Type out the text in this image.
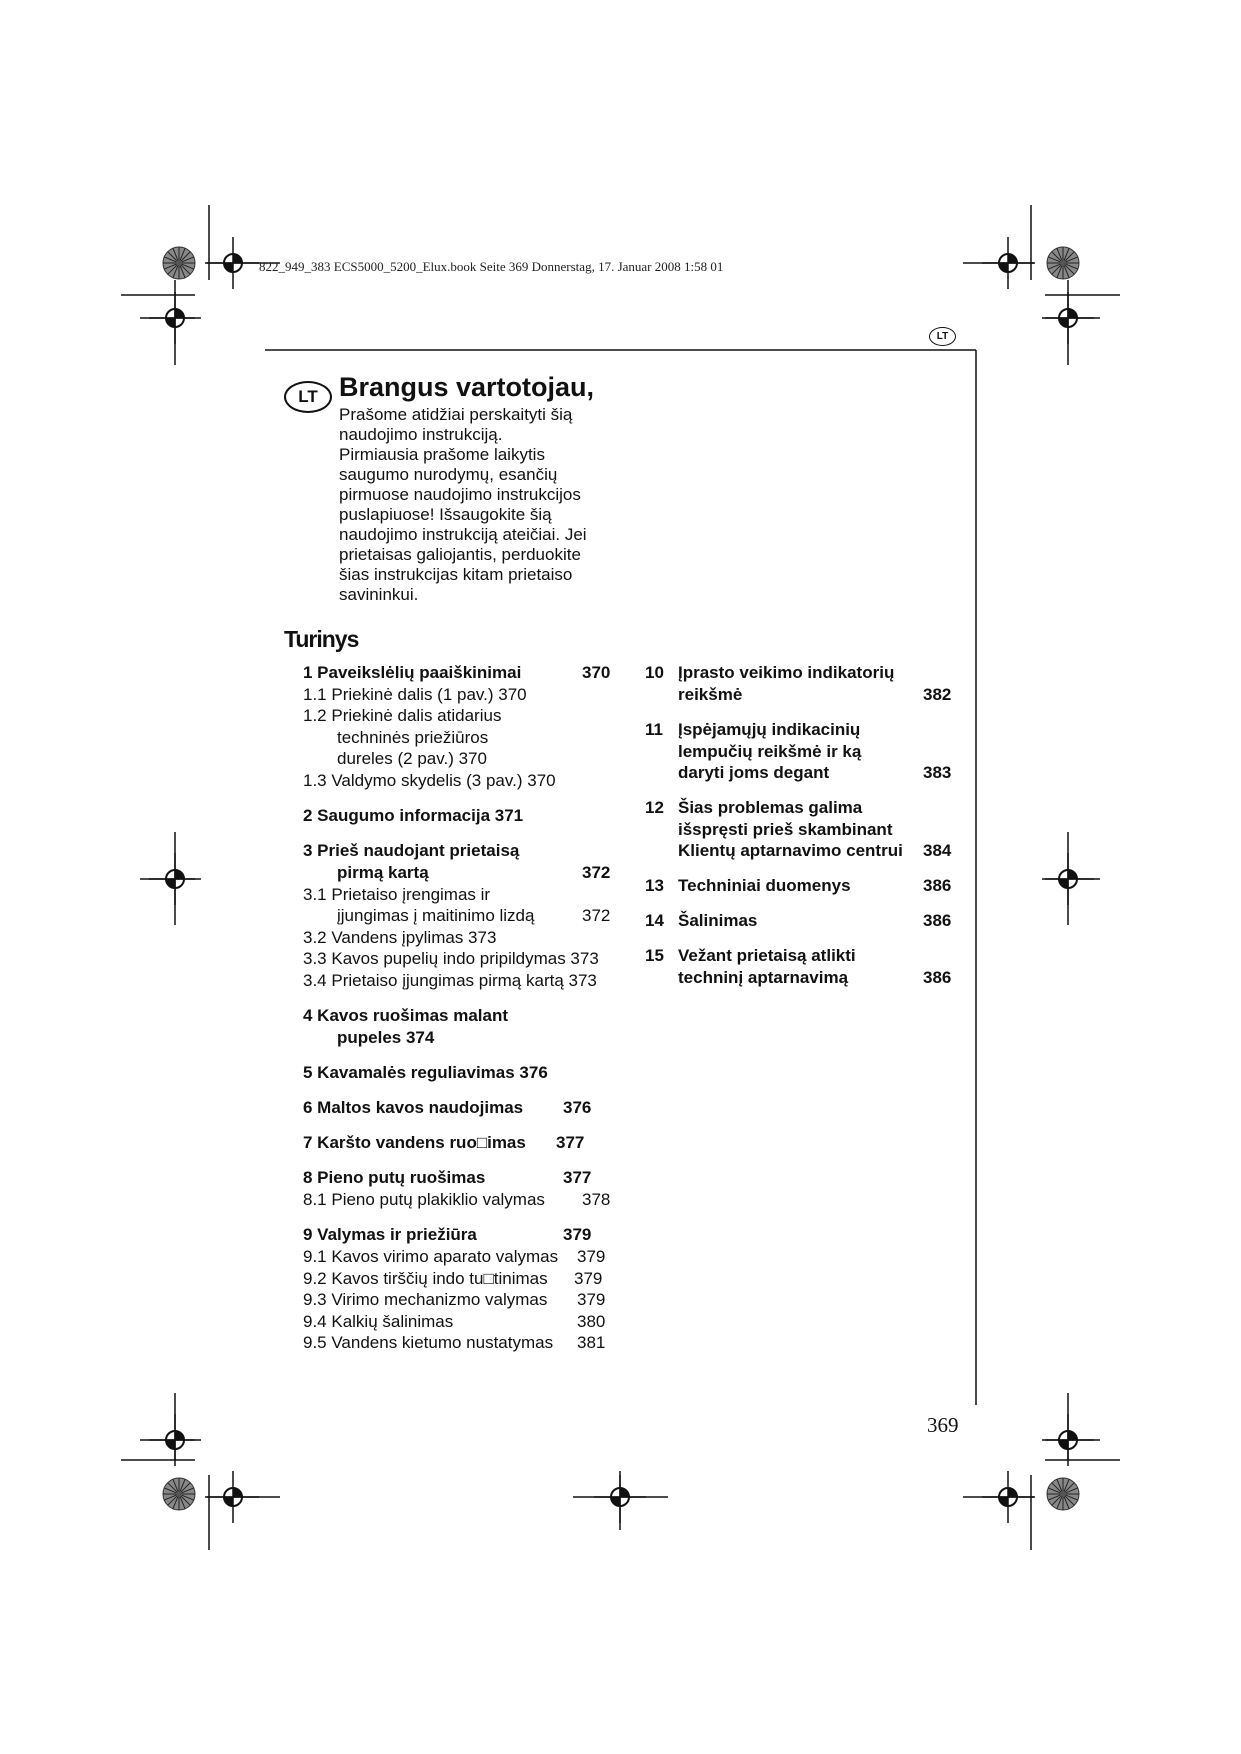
822_949_383 ECS5000_5200_Elux.book Seite 369 Donnerstag, 17. Januar 2008 1:58 01
LT
LT Brangus vartotojau,
Prašome atidžiai perskaityti šią
naudojimo instrukciją.
Pirmiausia prašome laikytis
saugumo nurodymų, esančių
pirmuose naudojimo instrukcijos
puslapiuose! Išsaugokite šią
naudojimo instrukciją ateičiai. Jei
prietaisas galiojantis, perduokite
šias instrukcijas kitam prietaiso
savininkui.
Turinys
1 Paveikslėlių paaiškinimai	370
1.1 Priekinė dalis (1 pav.) 370
1.2 Priekinė dalis atidarius
techninės priežiūros
dureles (2 pav.) 370
1.3 Valdymo skydelis (3 pav.) 370
2 Saugumo informacija 371
3 Prieš naudojant prietaisą
pirmą kartą	372
3.1 Prietaiso įrengimas ir
įjungimas į maitinimo lizdą	372
3.2 Vandens įpylimas 373
3.3 Kavos pupelių indo pripildymas 373
3.4 Prietaiso įjungimas pirmą kartą 373
4 Kavos ruošimas malant
pupeles 374
5 Kavamalės reguliavimas 376
6 Maltos kavos naudojimas 376
7 Karšto vandens ruo□imas 377
8 Pieno putų ruošimas	377
8.1 Pieno putų plakiklio valymas 378
9 Valymas ir priežiūra	379
9.1 Kavos virimo aparato valymas 379
9.2 Kavos tirščių indo tu□tinimas 379
9.3 Virimo mechanizmo valymas 379
9.4 Kalkių šalinimas	380
9.5 Vandens kietumo nustatymas 381
10 Įprasto veikimo indikatorių
reikšmė	382
11 Įspėjamųjų indikacinių
lempučių reikšmė ir ką
daryti joms degant	383
12 Šias problemas galima
išspręsti prieš skambinant
Klientų aptarnavimo centrui 384
13 Techniniai duomenys	386
14 Šalinimas	386
15 Vežant prietaisą atlikti
techninį aptarnavimą	386
369
